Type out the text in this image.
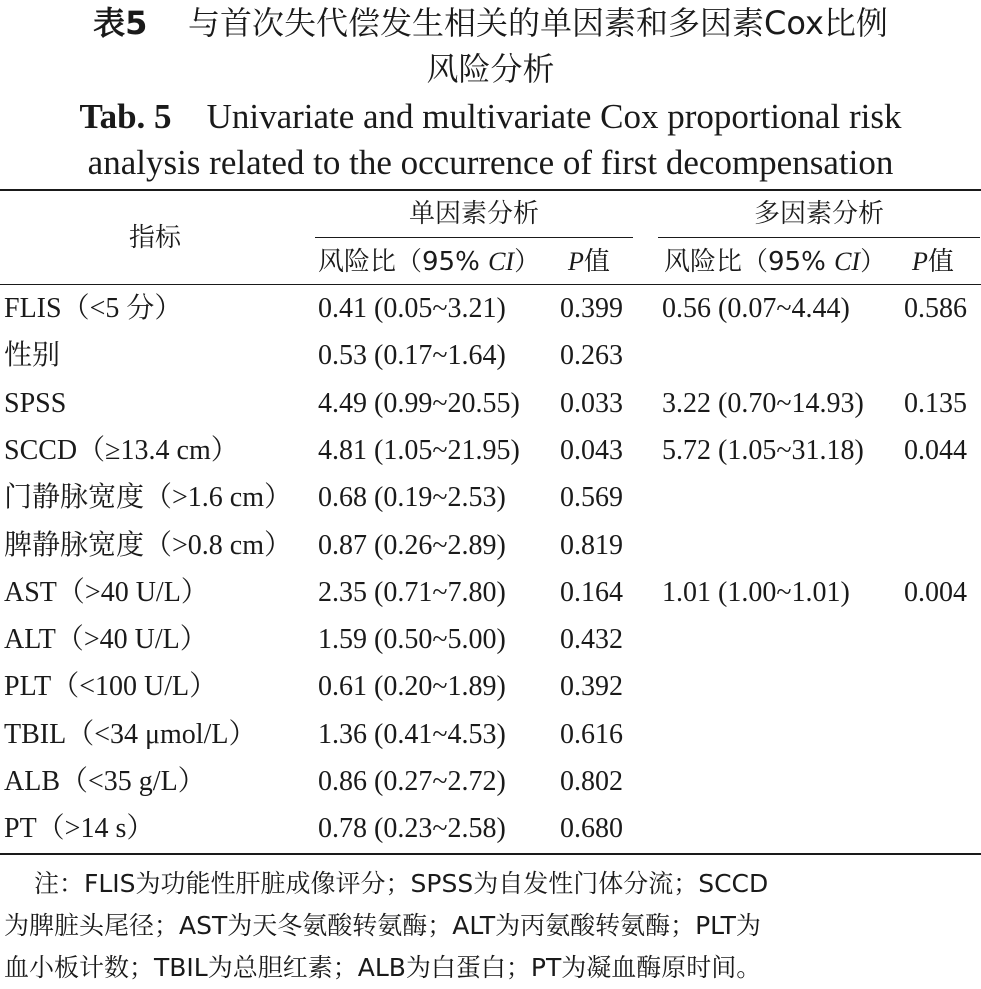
表5 与首次失代偿发生相关的单因素和多因素Cox比例
风险分析
Tab. 5 Univariate and multivariate Cox proportional risk
analysis related to the occurrence of first decompensation
指标
单因素分析	多因素分析
风险比（95% CI） P值 风险比（95% CI） P值
FLIS（<5 分）	0.41 (0.05~3.21)	0.399	0.56 (0.07~4.44)	0.586
性别	0.53 (0.17~1.64)	0.263
SPSS	4.49 (0.99~20.55)	0.033	3.22 (0.70~14.93)	0.135
SCCD（≥13.4 cm）	4.81 (1.05~21.95)	0.043	5.72 (1.05~31.18)	0.044
门静脉宽度（>1.6 cm） 0.68 (0.19~2.53)	0.569
脾静脉宽度（>0.8 cm） 0.87 (0.26~2.89)	0.819
AST（>40 U/L）	2.35 (0.71~7.80)	0.164	1.01 (1.00~1.01)	0.004
ALT（>40 U/L）	1.59 (0.50~5.00)	0.432
PLT（<100 U/L）	0.61 (0.20~1.89)	0.392
TBIL（<34 μmol/L）	1.36 (0.41~4.53)	0.616
ALB（<35 g/L）	0.86 (0.27~2.72)	0.802
PT（>14 s）	0.78 (0.23~2.58)	0.680
注：FLIS为功能性肝脏成像评分；SPSS为自发性门体分流；SCCD
为脾脏头尾径；AST为天冬氨酸转氨酶；ALT为丙氨酸转氨酶；PLT为
血小板计数；TBIL为总胆红素；ALB为白蛋白；PT为凝血酶原时间。
